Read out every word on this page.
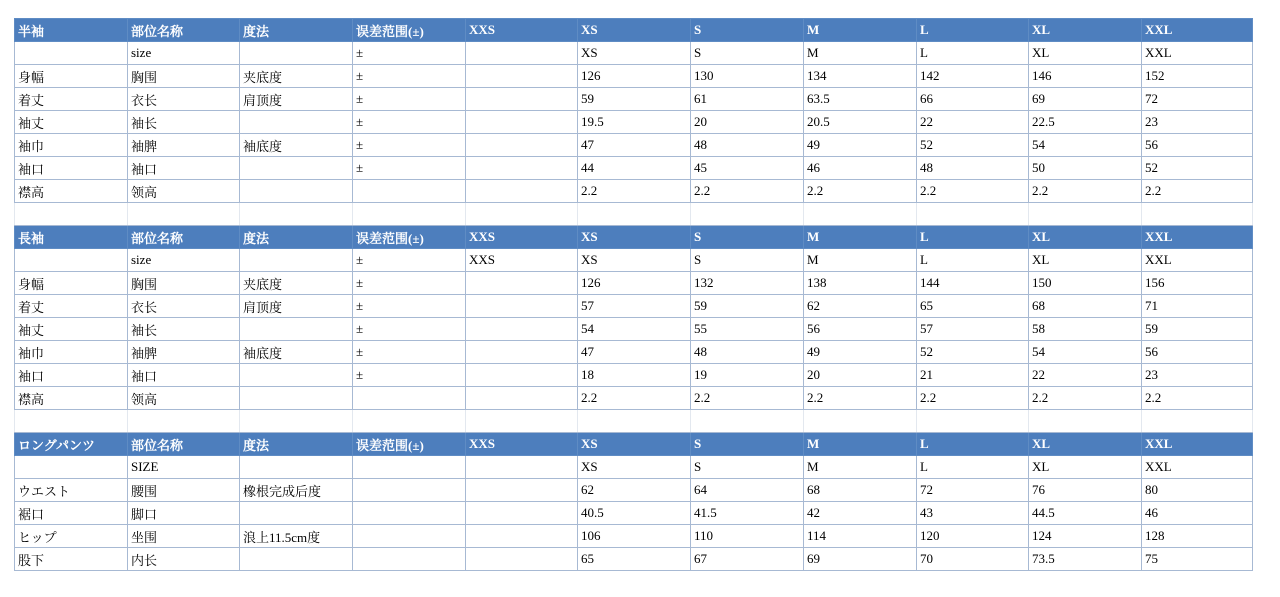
半袖	部位名称	度法	误差范围(±)	XXS	XS	S	M	L	XL	XXL
	size		±		XS	S	M	L	XL	XXL
身幅	胸围	夹底度	±		126	130	134	142	146	152
着丈	衣长	肩顶度	±		59	61	63.5	66	69	72
袖丈	袖长		±		19.5	20	20.5	22	22.5	23
袖巾	袖脾	袖底度	±		47	48	49	52	54	56
袖口	袖口		±		44	45	46	48	50	52
襟高	领高				2.2	2.2	2.2	2.2	2.2	2.2

長袖	部位名称	度法	误差范围(±)	XXS	XS	S	M	L	XL	XXL
	size		±	XXS	XS	S	M	L	XL	XXL
身幅	胸围	夹底度	±		126	132	138	144	150	156
着丈	衣长	肩顶度	±		57	59	62	65	68	71
袖丈	袖长		±		54	55	56	57	58	59
袖巾	袖脾	袖底度	±		47	48	49	52	54	56
袖口	袖口		±		18	19	20	21	22	23
襟高	领高				2.2	2.2	2.2	2.2	2.2	2.2

ロングパンツ	部位名称	度法	误差范围(±)	XXS	XS	S	M	L	XL	XXL
	SIZE				XS	S	M	L	XL	XXL
ウエスト	腰围	橡根完成后度			62	64	68	72	76	80
裾口	脚口				40.5	41.5	42	43	44.5	46
ヒップ	坐围	浪上11.5cm度			106	110	114	120	124	128
股下	内长				65	67	69	70	73.5	75
